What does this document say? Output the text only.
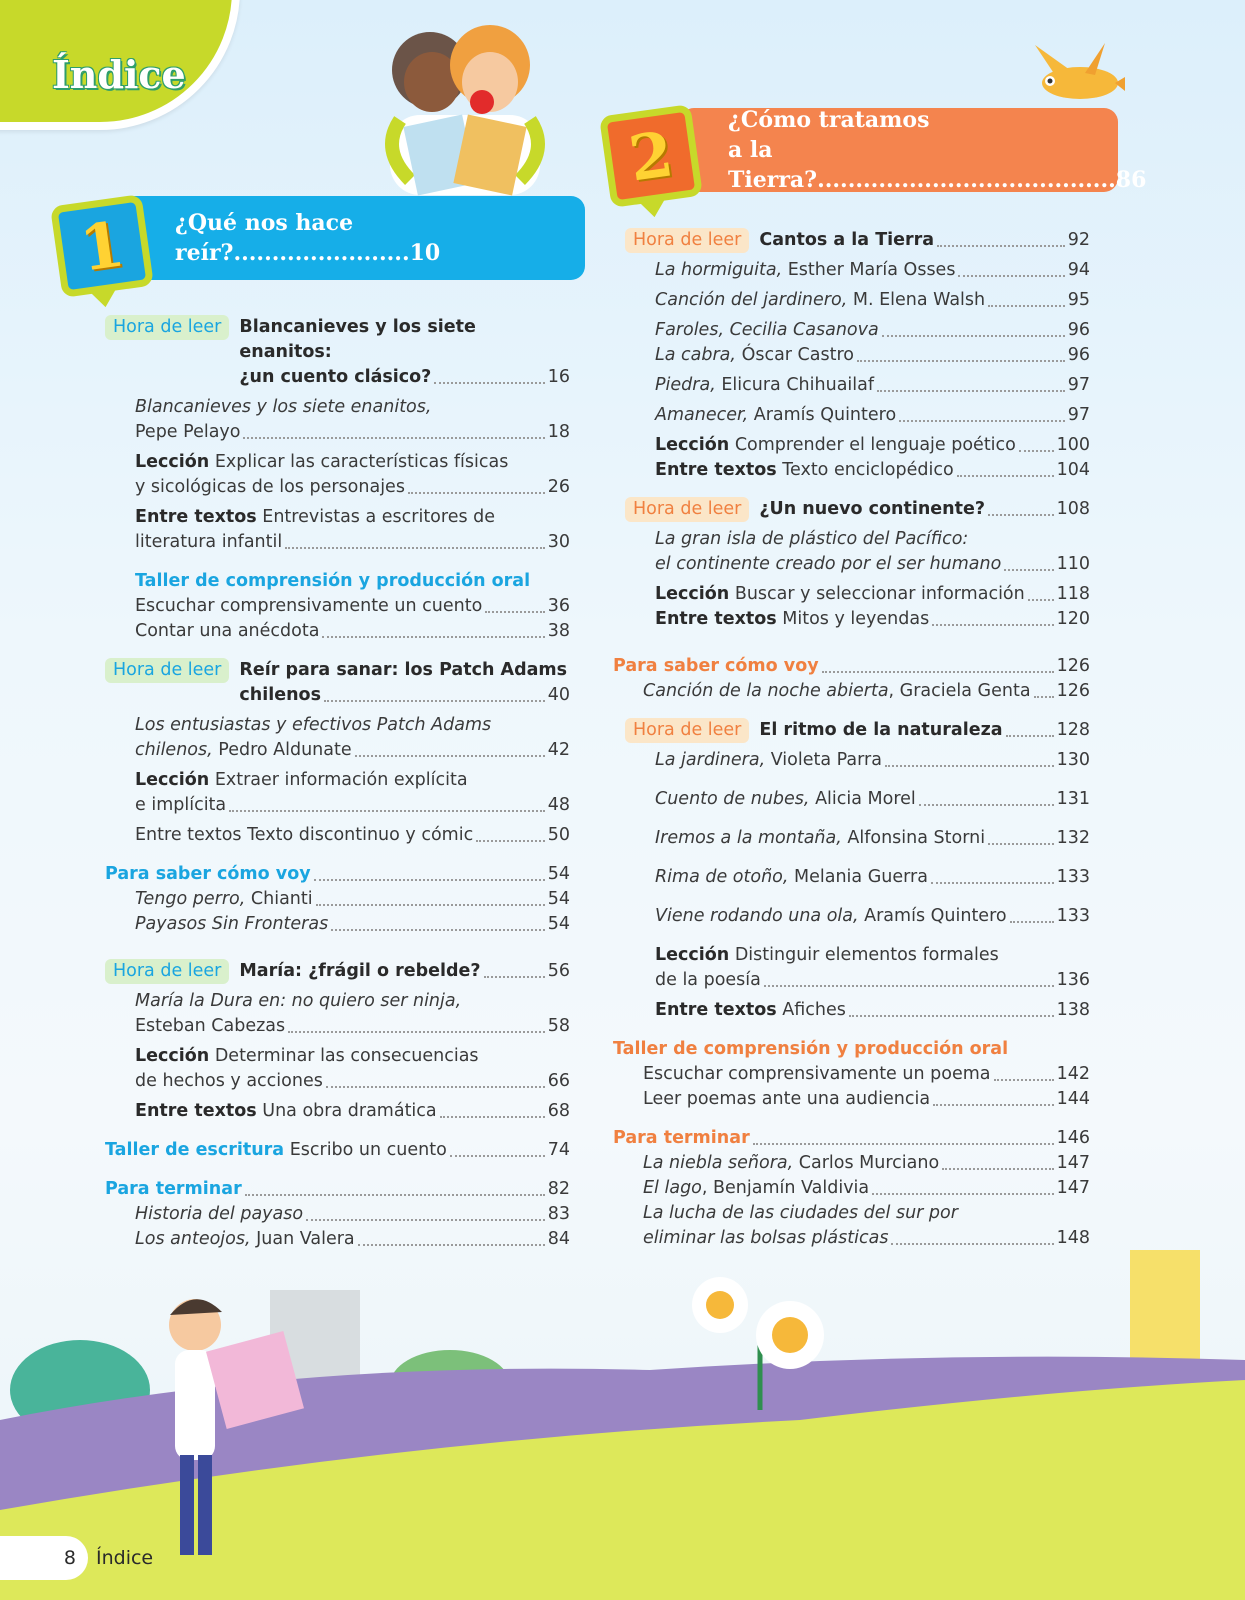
Índice
¿Qué nos hace reír?.......................10
1
¿Cómo tratamos
a la Tierra?.......................................86
2
Hora de leer	Blancanieves y los siete enanitos:
¿un cuento clásico?	16
Blancanieves y los siete enanitos,
Pepe Pelayo	18
Lección Explicar las características físicas
y sicológicas de los personajes	26
Entre textos Entrevistas a escritores de
literatura infantil	30
Taller de comprensión y producción oral
Escuchar comprensivamente un cuento	36
Contar una anécdota	38
Hora de leer	Reír para sanar: los Patch Adams
chilenos	40
Los entusiastas y efectivos Patch Adams
chilenos, Pedro Aldunate	42
Lección Extraer información explícita
e implícita	48
Entre textos Texto discontinuo y cómic	50
Para saber cómo voy	54
Tengo perro, Chianti	54
Payasos Sin Fronteras	54
Hora de leer	María: ¿frágil o rebelde?	56
María la Dura en: no quiero ser ninja,
Esteban Cabezas	58
Lección Determinar las consecuencias
de hechos y acciones	66
Entre textos Una obra dramática	68
Taller de escritura Escribo un cuento	74
Para terminar	82
Historia del payaso	83
Los anteojos, Juan Valera	84
Hora de leer	Cantos a la Tierra	92
La hormiguita, Esther María Osses	94
Canción del jardinero, M. Elena Walsh	95
Faroles, Cecilia Casanova	96
La cabra, Óscar Castro	96
Piedra, Elicura Chihuailaf	97
Amanecer, Aramís Quintero	97
Lección Comprender el lenguaje poético 100
Entre textos Texto enciclopédico	104
Hora de leer	¿Un nuevo continente?	108
La gran isla de plástico del Pacífico:
el continente creado por el ser humano	110
Lección Buscar y seleccionar información 118
Entre textos Mitos y leyendas	120
Para saber cómo voy	126
Canción de la noche abierta, Graciela Genta 126
Hora de leer	El ritmo de la naturaleza	128
La jardinera, Violeta Parra	130
Cuento de nubes, Alicia Morel	131
Iremos a la montaña, Alfonsina Storni	132
Rima de otoño, Melania Guerra	133
Viene rodando una ola, Aramís Quintero	133
Lección Distinguir elementos formales
de la poesía	136
Entre textos Afiches	138
Taller de comprensión y producción oral
Escuchar comprensivamente un poema	142
Leer poemas ante una audiencia	144
Para terminar	146
La niebla señora, Carlos Murciano	147
El lago, Benjamín Valdivia	147
La lucha de las ciudades del sur por
eliminar las bolsas plásticas	148
8	Índice
